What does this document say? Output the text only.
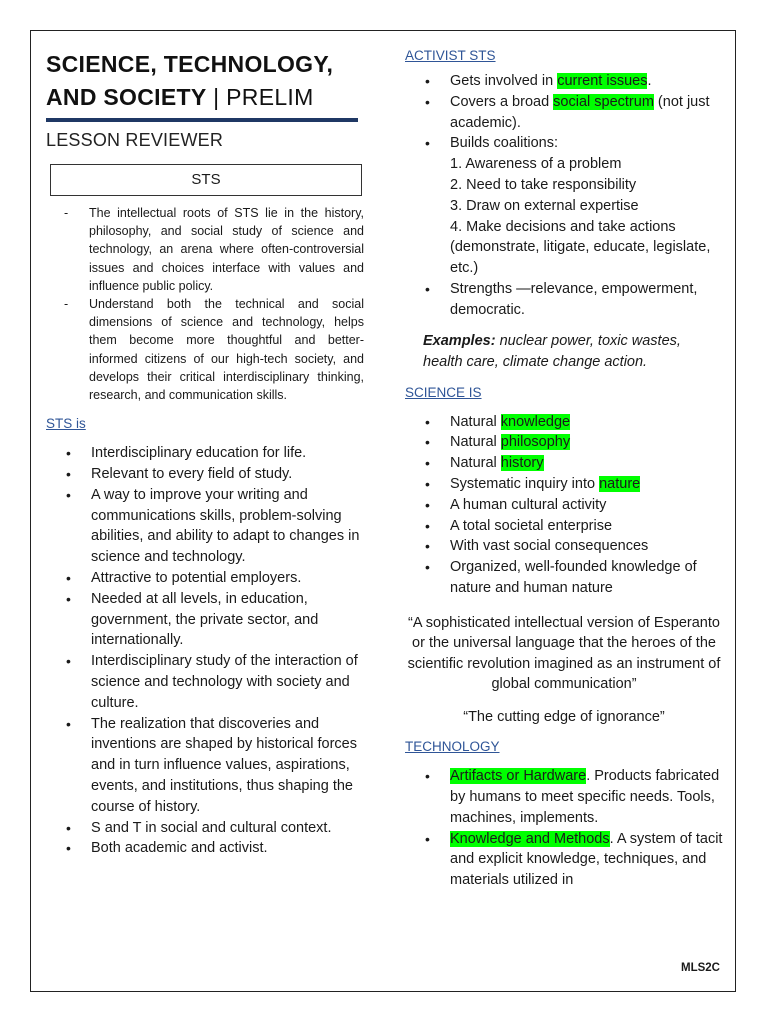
SCIENCE, TECHNOLOGY,
AND SOCIETY | PRELIM
LESSON REVIEWER
STS
- The intellectual roots of STS lie in the history, philosophy, and social study of science and technology, an arena where often-controversial issues and choices interface with values and influence public policy.
- Understand both the technical and social dimensions of science and technology, helps them become more thoughtful and better-informed citizens of our high-tech society, and develops their critical interdisciplinary thinking, research, and communication skills.
STS is
• Interdisciplinary education for life.
• Relevant to every field of study.
• A way to improve your writing and communications skills, problem-solving abilities, and ability to adapt to changes in science and technology.
• Attractive to potential employers.
• Needed at all levels, in education, government, the private sector, and internationally.
• Interdisciplinary study of the interaction of science and technology with society and culture.
• The realization that discoveries and inventions are shaped by historical forces and in turn influence values, aspirations, events, and institutions, thus shaping the course of history.
• S and T in social and cultural context.
• Both academic and activist.
ACTIVIST STS
• Gets involved in current issues.
• Covers a broad social spectrum (not just academic).
• Builds coalitions:
1. Awareness of a problem
2. Need to take responsibility
3. Draw on external expertise
4. Make decisions and take actions (demonstrate, litigate, educate, legislate, etc.)
• Strengths —relevance, empowerment, democratic.
Examples: nuclear power, toxic wastes, health care, climate change action.
SCIENCE IS
• Natural knowledge
• Natural philosophy
• Natural history
• Systematic inquiry into nature
• A human cultural activity
• A total societal enterprise
• With vast social consequences
• Organized, well-founded knowledge of nature and human nature
“A sophisticated intellectual version of Esperanto or the universal language that the heroes of the scientific revolution imagined as an instrument of global communication”
“The cutting edge of ignorance”
TECHNOLOGY
• Artifacts or Hardware. Products fabricated by humans to meet specific needs. Tools, machines, implements.
• Knowledge and Methods. A system of tacit and explicit knowledge, techniques, and materials utilized in
MLS2C
